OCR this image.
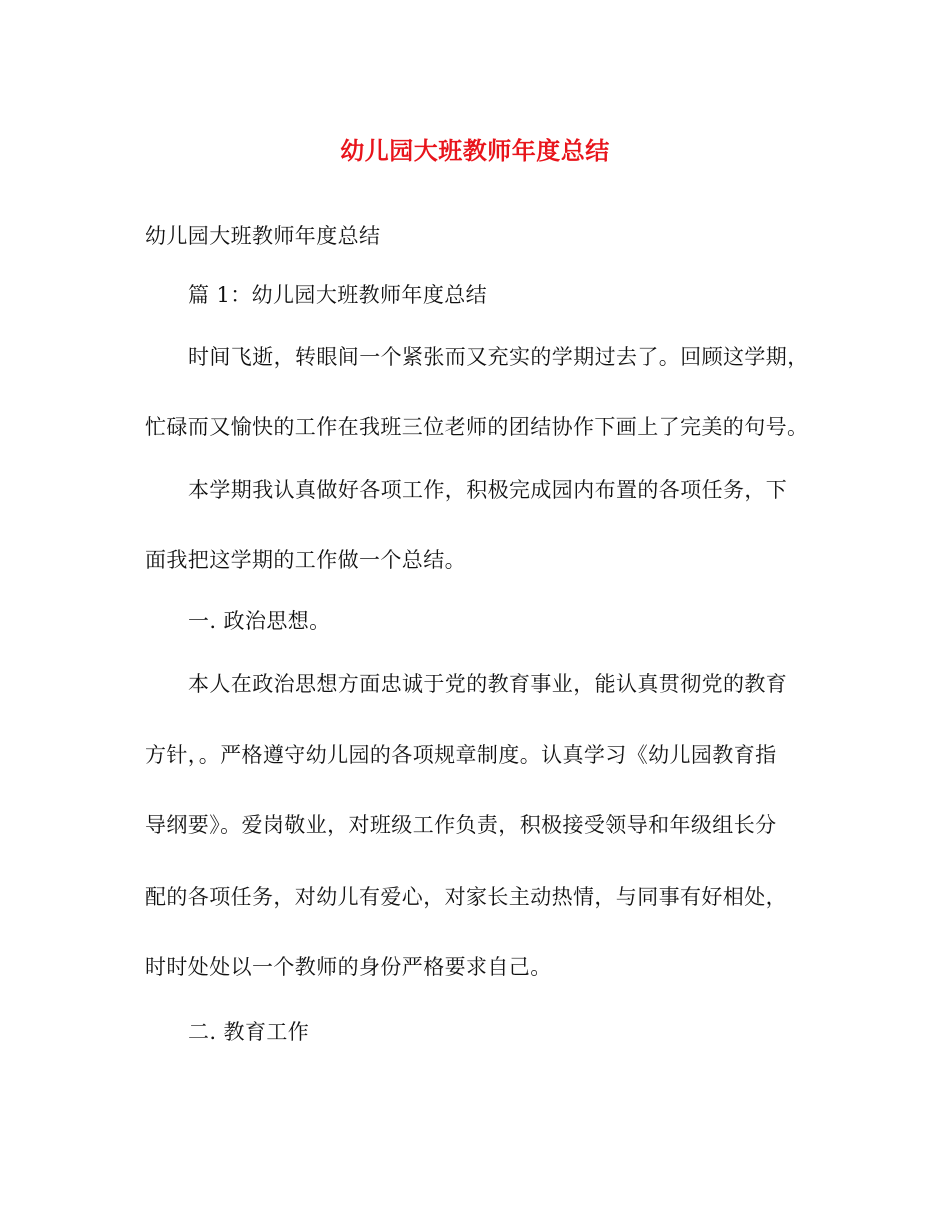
幼儿园大班教师年度总结
幼儿园大班教师年度总结
篇 1：幼儿园大班教师年度总结
时间飞逝，转眼间一个紧张而又充实的学期过去了。回顾这学期，
忙碌而又愉快的工作在我班三位老师的团结协作下画上了完美的句号。
本学期我认真做好各项工作，积极完成园内布置的各项任务，下
面我把这学期的工作做一个总结。
一. 政治思想。
本人在政治思想方面忠诚于党的教育事业，能认真贯彻党的教育
方针，。严格遵守幼儿园的各项规章制度。认真学习《幼儿园教育指
导纲要》。爱岗敬业，对班级工作负责，积极接受领导和年级组长分
配的各项任务，对幼儿有爱心，对家长主动热情，与同事有好相处，
时时处处以一个教师的身份严格要求自己。
二. 教育工作
